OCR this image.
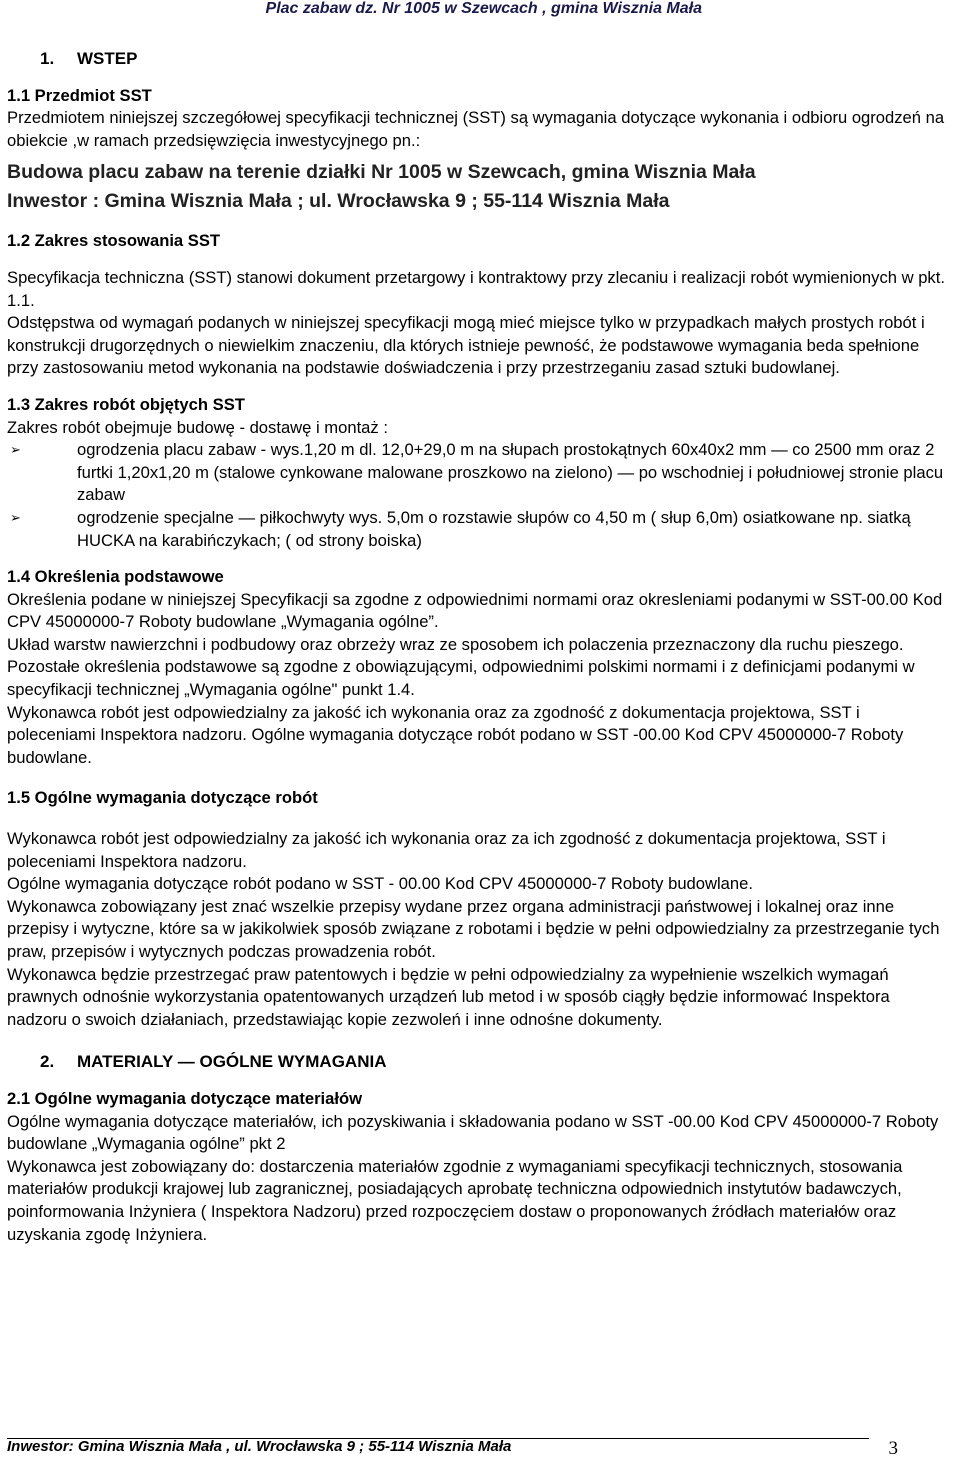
Plac zabaw dz. Nr 1005 w Szewcach , gmina Wisznia Mała
1. WSTEP

1.1 Przedmiot SST

Przedmiotem niniejszej szczegółowej specyfikacji technicznej (SST) są wymagania dotyczące wykonania i odbioru ogrodzeń na obiekcie ,w ramach przedsięwzięcia inwestycyjnego pn.:

Budowa placu zabaw na terenie działki Nr 1005 w Szewcach, gmina Wisznia Mała

Inwestor : Gmina Wisznia Mała ; ul. Wrocławska 9 ; 55-114 Wisznia Mała

1.2 Zakres stosowania SST

Specyfikacja techniczna (SST) stanowi dokument przetargowy i kontraktowy przy zlecaniu i realizacji robót wymienionych w pkt. 1.1.

Odstępstwa od wymagań podanych w niniejszej specyfikacji mogą mieć miejsce tylko w przypadkach małych prostych robót i konstrukcji drugorzędnych o niewielkim znaczeniu, dla których istnieje pewność, że podstawowe wymagania beda spełnione przy zastosowaniu metod wykonania na podstawie doświadczenia i przy przestrzeganiu zasad sztuki budowlanej.

1.3 Zakres robót objętych SST

Zakres robót obejmuje budowę - dostawę i montaż :

➢	ogrodzenia placu zabaw - wys.1,20 m dl. 12,0+29,0 m na słupach prostokątnych 60x40x2 mm — co 2500 mm oraz 2 furtki 1,20x1,20 m (stalowe cynkowane malowane proszkowo na zielono) — po wschodniej i południowej stronie placu zabaw
➢	ogrodzenie specjalne — piłkochwyty wys. 5,0m o rozstawie słupów co 4,50 m ( słup 6,0m) osiatkowane np. siatką HUCKA na karabińczykach; ( od strony boiska)

1.4 Określenia podstawowe

Określenia podane w niniejszej Specyfikacji sa zgodne z odpowiednimi normami oraz okresleniami podanymi w SST-00.00 Kod CPV 45000000-7 Roboty budowlane „Wymagania ogólne”.

Układ warstw nawierzchni i podbudowy oraz obrzeży wraz ze sposobem ich polaczenia przeznaczony dla ruchu pieszego.

Pozostałe określenia podstawowe są zgodne z obowiązującymi, odpowiednimi polskimi normami i z definicjami podanymi w specyfikacji technicznej „Wymagania ogólne" punkt 1.4.

Wykonawca robót jest odpowiedzialny za jakość ich wykonania oraz za zgodność z dokumentacja projektowa, SST i poleceniami Inspektora nadzoru. Ogólne wymagania dotyczące robót podano w SST -00.00 Kod CPV 45000000-7 Roboty budowlane.

1.5 Ogólne wymagania dotyczące robót

Wykonawca robót jest odpowiedzialny za jakość ich wykonania oraz za ich zgodność z dokumentacja projektowa, SST i poleceniami Inspektora nadzoru.

Ogólne wymagania dotyczące robót podano w SST - 00.00 Kod CPV 45000000-7 Roboty budowlane.

Wykonawca zobowiązany jest znać wszelkie przepisy wydane przez organa administracji państwowej i lokalnej oraz inne przepisy i wytyczne, które sa w jakikolwiek sposób związane z robotami i będzie w pełni odpowiedzialny za przestrzeganie tych praw, przepisów i wytycznych podczas prowadzenia robót.

Wykonawca będzie przestrzegać praw patentowych i będzie w pełni odpowiedzialny za wypełnienie wszelkich wymagań prawnych odnośnie wykorzystania opatentowanych urządzeń lub metod i w sposób ciągły będzie informować Inspektora nadzoru o swoich działaniach, przedstawiając kopie zezwoleń i inne odnośne dokumenty.

2. MATERIALY — OGÓLNE WYMAGANIA

2.1 Ogólne wymagania dotyczące materiałów

Ogólne wymagania dotyczące materiałów, ich pozyskiwania i składowania podano w SST -00.00 Kod CPV 45000000-7 Roboty budowlane „Wymagania ogólne” pkt 2

Wykonawca jest zobowiązany do: dostarczenia materiałów zgodnie z wymaganiami specyfikacji technicznych, stosowania materiałów produkcji krajowej lub zagranicznej, posiadających aprobatę techniczna odpowiednich instytutów badawczych, poinformowania Inżyniera ( Inspektora Nadzoru) przed rozpoczęciem dostaw o proponowanych źródłach materiałów oraz uzyskania zgodę Inżyniera.

Inwestor: Gmina Wisznia Mała , ul. Wrocławska 9 ; 55-114 Wisznia Mała	3
